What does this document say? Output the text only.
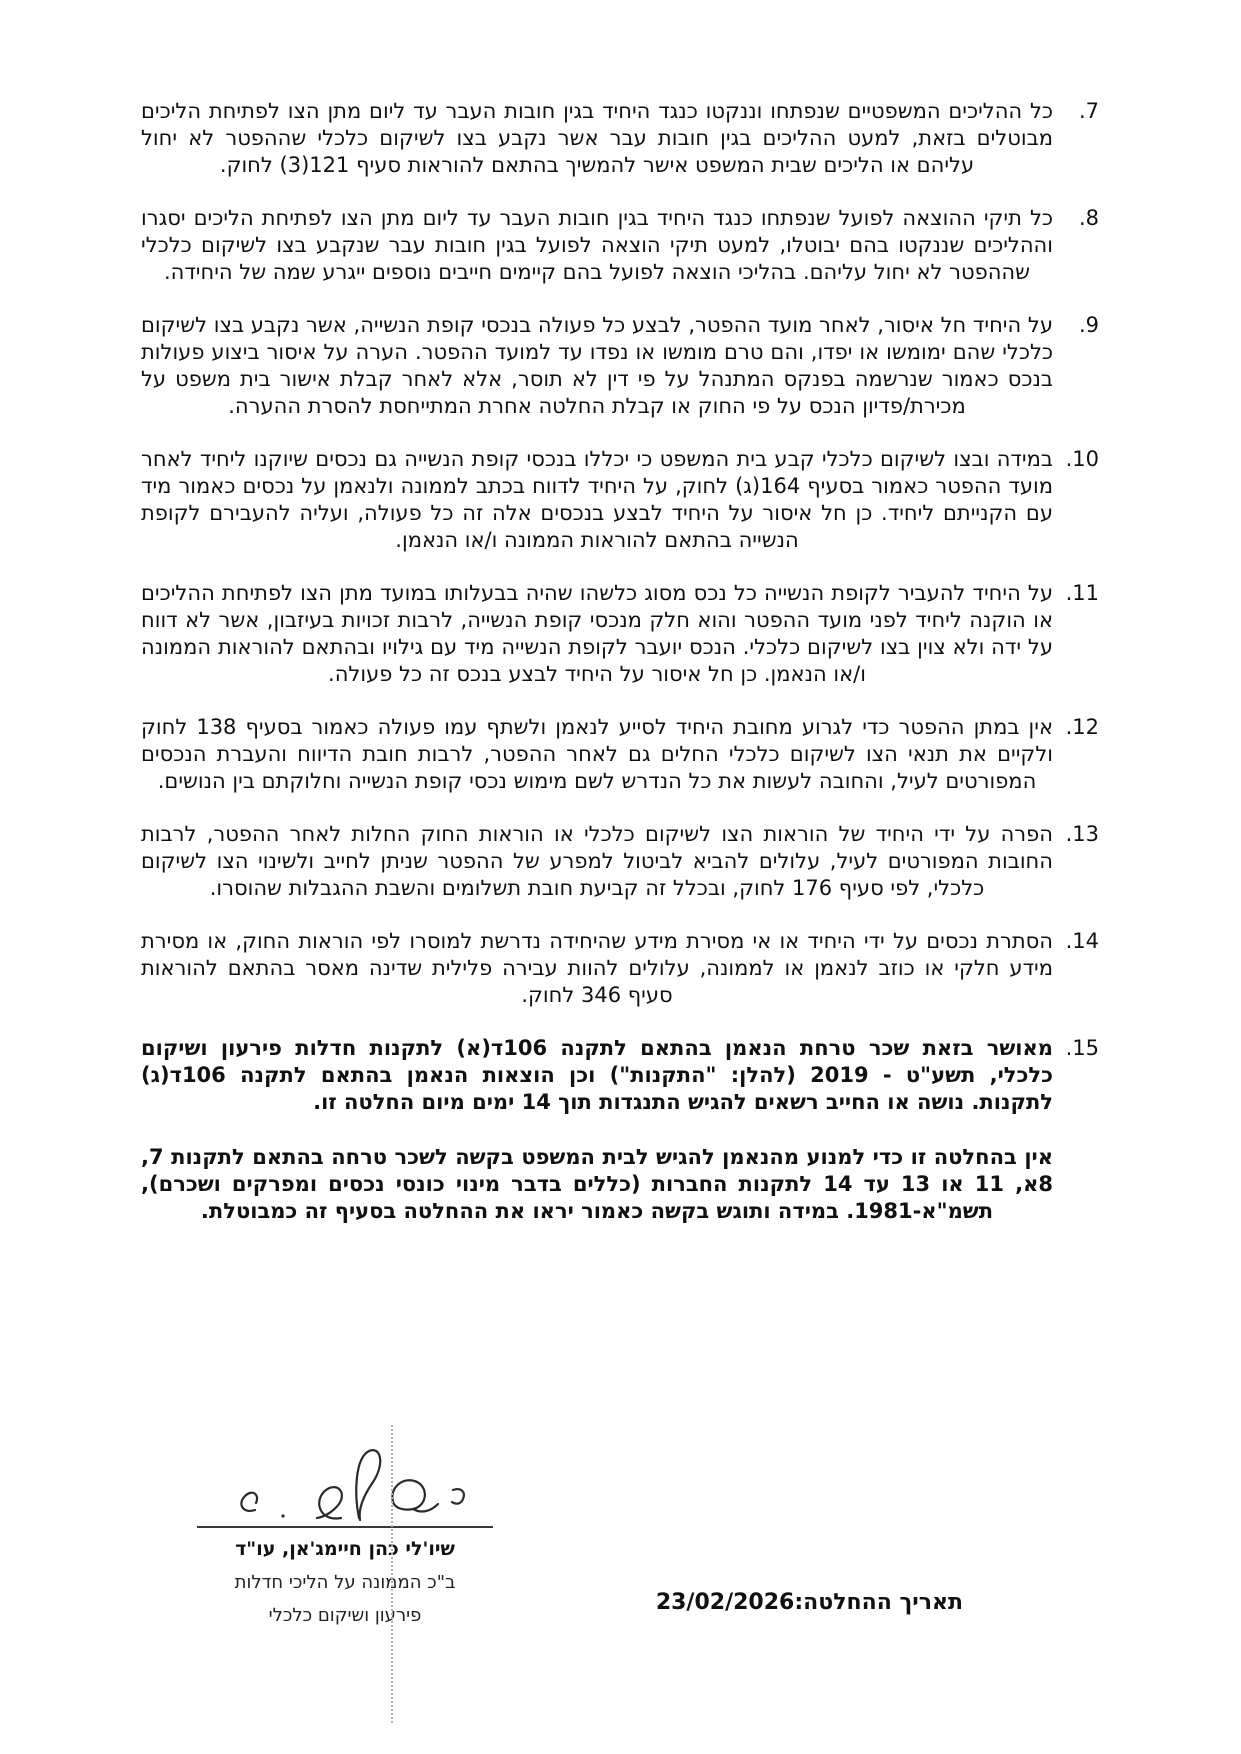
7.

כל ההליכים המשפטיים שנפתחו וננקטו כנגד היחיד בגין חובות העבר עד ליום מתן הצו לפתיחת הליכים מבוטלים בזאת, למעט ההליכים בגין חובות עבר אשר נקבע בצו לשיקום כלכלי שההפטר לא יחול עליהם או הליכים שבית המשפט אישר להמשיך בהתאם להוראות סעיף 121(3) לחוק.

8.

כל תיקי ההוצאה לפועל שנפתחו כנגד היחיד בגין חובות העבר עד ליום מתן הצו לפתיחת הליכים יסגרו וההליכים שננקטו בהם יבוטלו, למעט תיקי הוצאה לפועל בגין חובות עבר שנקבע בצו לשיקום כלכלי שההפטר לא יחול עליהם. בהליכי הוצאה לפועל בהם קיימים חייבים נוספים ייגרע שמה של היחידה.

9.

על היחיד חל איסור, לאחר מועד ההפטר, לבצע כל פעולה בנכסי קופת הנשייה, אשר נקבע בצו לשיקום כלכלי שהם ימומשו או יפדו, והם טרם מומשו או נפדו עד למועד ההפטר. הערה על איסור ביצוע פעולות בנכס כאמור שנרשמה בפנקס המתנהל על פי דין לא תוסר, אלא לאחר קבלת אישור בית משפט על מכירת/פדיון הנכס על פי החוק או קבלת החלטה אחרת המתייחסת להסרת ההערה.

10.

במידה ובצו לשיקום כלכלי קבע בית המשפט כי יכללו בנכסי קופת הנשייה גם נכסים שיוקנו ליחיד לאחר מועד ההפטר כאמור בסעיף 164(ג) לחוק, על היחיד לדווח בכתב לממונה ולנאמן על נכסים כאמור מיד עם הקנייתם ליחיד. כן חל איסור על היחיד לבצע בנכסים אלה זה כל פעולה, ועליה להעבירם לקופת הנשייה בהתאם להוראות הממונה ו/או הנאמן.

11.

על היחיד להעביר לקופת הנשייה כל נכס מסוג כלשהו שהיה בבעלותו במועד מתן הצו לפתיחת ההליכים או הוקנה ליחיד לפני מועד ההפטר והוא חלק מנכסי קופת הנשייה, לרבות זכויות בעיזבון, אשר לא דווח על ידה ולא צוין בצו לשיקום כלכלי. הנכס יועבר לקופת הנשייה מיד עם גילויו ובהתאם להוראות הממונה ו/או הנאמן. כן חל איסור על היחיד לבצע בנכס זה כל פעולה.

12.

אין במתן ההפטר כדי לגרוע מחובת היחיד לסייע לנאמן ולשתף עמו פעולה כאמור בסעיף 138 לחוק ולקיים את תנאי הצו לשיקום כלכלי החלים גם לאחר ההפטר, לרבות חובת הדיווח והעברת הנכסים המפורטים לעיל, והחובה לעשות את כל הנדרש לשם מימוש נכסי קופת הנשייה וחלוקתם בין הנושים.

13.

הפרה על ידי היחיד של הוראות הצו לשיקום כלכלי או הוראות החוק החלות לאחר ההפטר, לרבות החובות המפורטים לעיל, עלולים להביא לביטול למפרע של ההפטר שניתן לחייב ולשינוי הצו לשיקום כלכלי, לפי סעיף 176 לחוק, ובכלל זה קביעת חובת תשלומים והשבת ההגבלות שהוסרו.

14.

הסתרת נכסים על ידי היחיד או אי מסירת מידע שהיחידה נדרשת למוסרו לפי הוראות החוק, או מסירת מידע חלקי או כוזב לנאמן או לממונה, עלולים להוות עבירה פלילית שדינה מאסר בהתאם להוראות סעיף 346 לחוק.

15.

מאושר בזאת שכר טרחת הנאמן בהתאם לתקנה 106ד(א) לתקנות חדלות פירעון ושיקום כלכלי, תשע"ט - 2019 (להלן: "התקנות") וכן הוצאות הנאמן בהתאם לתקנה 106ד(ג) לתקנות. נושה או החייב רשאים להגיש התנגדות תוך 14 ימים מיום החלטה זו.

אין בהחלטה זו כדי למנוע מהנאמן להגיש לבית המשפט בקשה לשכר טרחה בהתאם לתקנות 7, 8א, 11 או 13 עד 14 לתקנות החברות (כללים בדבר מינוי כונסי נכסים ומפרקים ושכרם), תשמ"א-1981. במידה ותוגש בקשה כאמור יראו את ההחלטה בסעיף זה כמבוטלת.

שיו'לי כהן חיימג'אן, עו"ד
ב"כ הממונה על הליכי חדלות
פירעון ושיקום כלכלי
תאריך ההחלטה:23/02/2026
